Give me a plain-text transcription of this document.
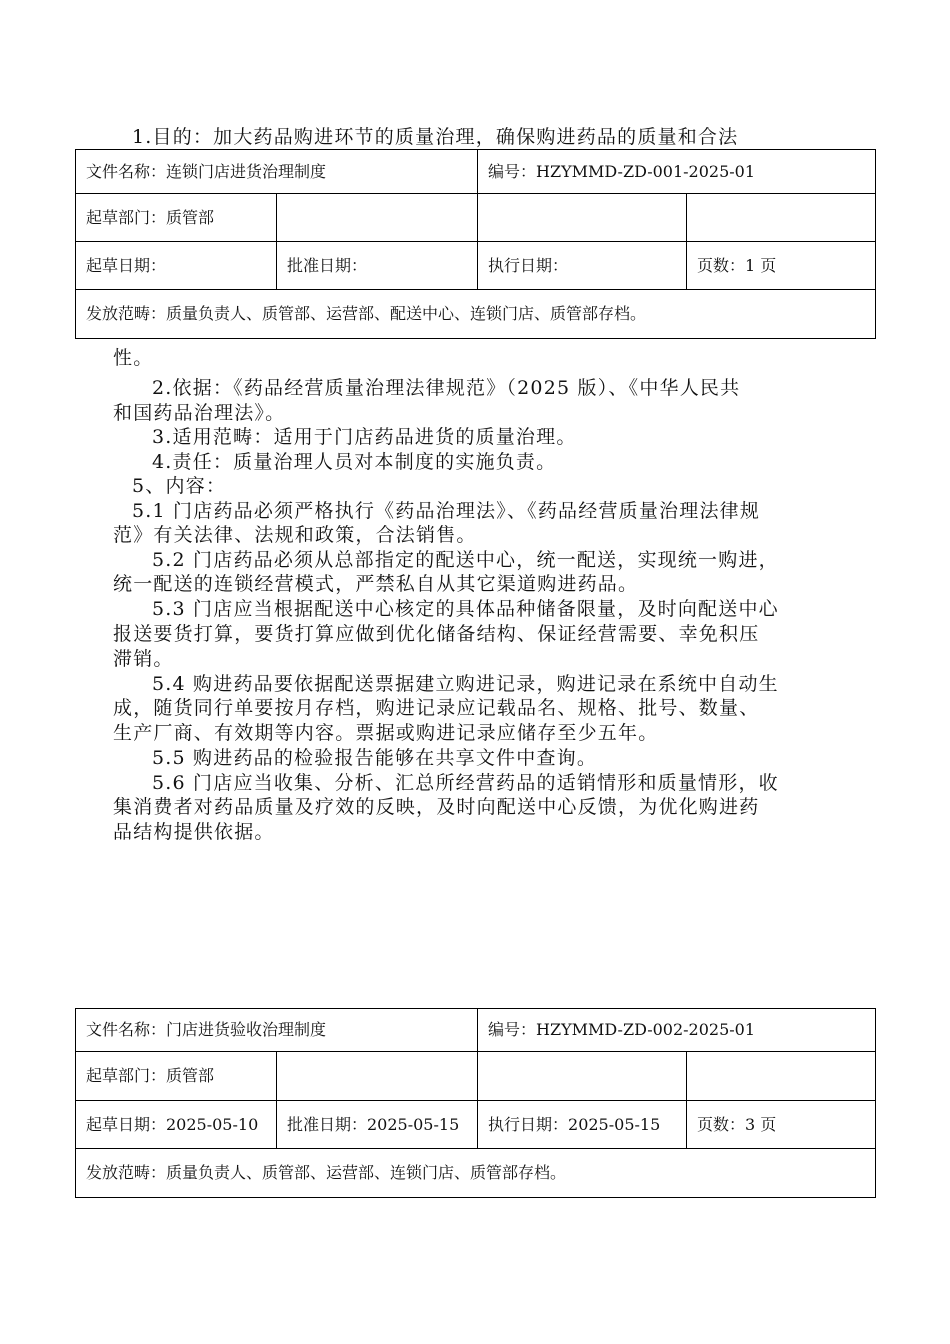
1.目的：加大药品购进环节的质量治理，确保购进药品的质量和合法
文件名称：连锁门店进货治理制度		编号：HZYMMD-ZD-001-2025-01	
起草部门：质管部			
起草日期：	批准日期：	执行日期：	页数：1 页
发放范畴：质量负责人、质管部、运营部、配送中心、连锁门店、质管部存档。			
性。
2.依据：《药品经营质量治理法律规范》（2025 版）、《中华人民共
和国药品治理法》。
3.适用范畴：适用于门店药品进货的质量治理。
4.责任：质量治理人员对本制度的实施负责。
5、内容：
5.1 门店药品必须严格执行《药品治理法》、《药品经营质量治理法律规
范》有关法律、法规和政策，合法销售。
5.2 门店药品必须从总部指定的配送中心，统一配送，实现统一购进，
统一配送的连锁经营模式，严禁私自从其它渠道购进药品。
5.3 门店应当根据配送中心核定的具体品种储备限量，及时向配送中心
报送要货打算，要货打算应做到优化储备结构、保证经营需要、幸免积压
滞销。
5.4 购进药品要依据配送票据建立购进记录，购进记录在系统中自动生
成，随货同行单要按月存档，购进记录应记载品名、规格、批号、数量、
生产厂商、有效期等内容。票据或购进记录应储存至少五年。
5.5 购进药品的检验报告能够在共享文件中查询。
5.6 门店应当收集、分析、汇总所经营药品的适销情形和质量情形，收
集消费者对药品质量及疗效的反映，及时向配送中心反馈，为优化购进药
品结构提供依据。
文件名称：门店进货验收治理制度		编号：HZYMMD-ZD-002-2025-01	
起草部门：质管部			
起草日期：2025-05-10	批准日期：2025-05-15	执行日期：2025-05-15	页数：3 页
发放范畴：质量负责人、质管部、运营部、连锁门店、质管部存档。			
